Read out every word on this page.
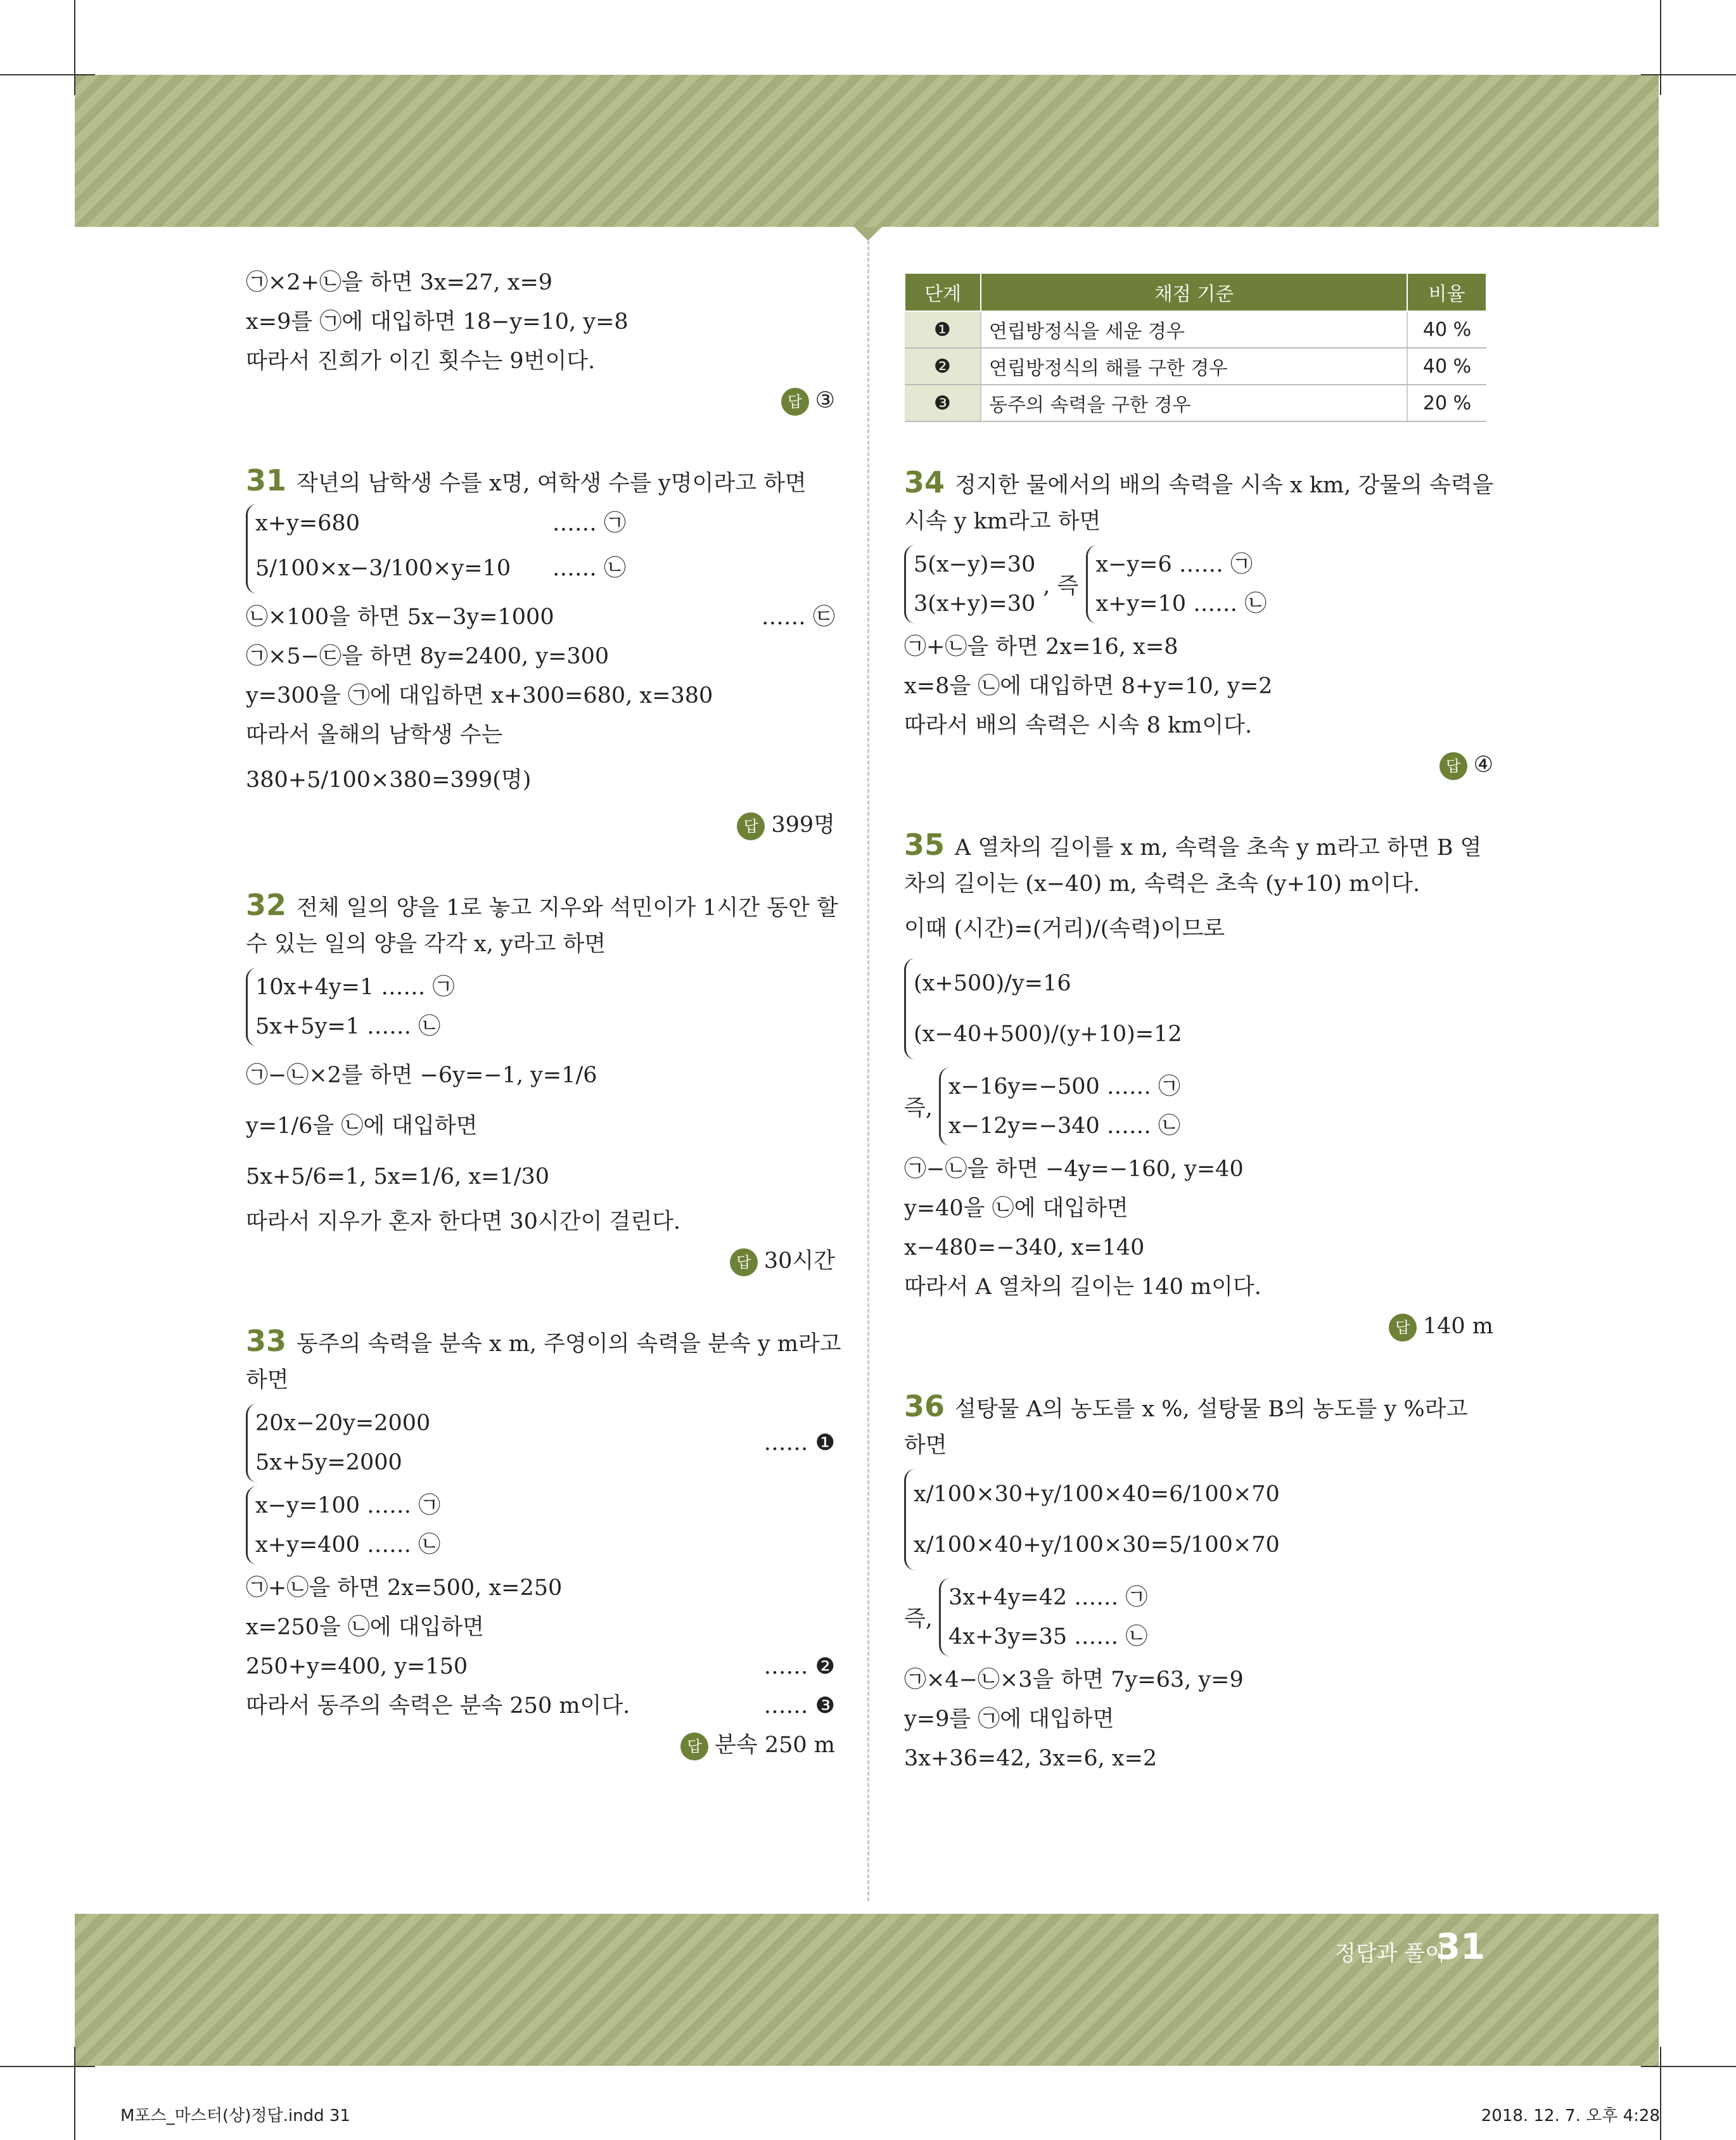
정답과 풀이
31
M포스_마스터(상)정답.indd 31	2018. 12. 7. 오후 4:28
㉠×2+㉡을 하면 3x=27, x=9
x=9를 ㉠에 대입하면 18−y=10, y=8
따라서 진희가 이긴 횟수는 9번이다.
답 ③
31 작년의 남학생 수를 x명, 여학생 수를 y명이라고 하면
x+y=680	…… ㉠
5/100×x−3/100×y=10 …… ㉡
㉡×100을 하면 5x−3y=1000	…… ㉢
㉠×5−㉢을 하면 8y=2400, y=300
y=300을 ㉠에 대입하면 x+300=680, x=380
따라서 올해의 남학생 수는
380+5/100×380=399(명)
답 399명
32 전체 일의 양을 1로 놓고 지우와 석민이가 1시간 동안 할
수 있는 일의 양을 각각 x, y라고 하면
10x+4y=1 …… ㉠
5x+5y=1 …… ㉡
㉠−㉡×2를 하면 −6y=−1, y=1/6
y=1/6을 ㉡에 대입하면
5x+5/6=1, 5x=1/6, x=1/30
따라서 지우가 혼자 한다면 30시간이 걸린다.
답 30시간
33 동주의 속력을 분속 x m, 주영이의 속력을 분속 y m라고
하면
20x−20y=2000
5x+5y=2000
…… ❶
x−y=100 …… ㉠
x+y=400 …… ㉡
㉠+㉡을 하면 2x=500, x=250
x=250을 ㉡에 대입하면
250+y=400, y=150	…… ❷
따라서 동주의 속력은 분속 250 m이다.	…… ❸
답 분속 250 m
단계	채점 기준	비율
❶	연립방정식을 세운 경우	40 %
❷	연립방정식의 해를 구한 경우	40 %
❸	동주의 속력을 구한 경우	20 %
34 정지한 물에서의 배의 속력을 시속 x km, 강물의 속력을
시속 y km라고 하면
5(x−y)=30
3(x+y)=30
, 즉
x−y=6 …… ㉠
x+y=10 …… ㉡
㉠+㉡을 하면 2x=16, x=8
x=8을 ㉡에 대입하면 8+y=10, y=2
따라서 배의 속력은 시속 8 km이다.
답 ④
35 A 열차의 길이를 x m, 속력을 초속 y m라고 하면 B 열
차의 길이는 (x−40) m, 속력은 초속 (y+10) m이다.
이때 (시간)=(거리)/(속력)이므로
(x+500)/y=16
(x−40+500)/(y+10)=12
즉,
x−16y=−500 …… ㉠
x−12y=−340 …… ㉡
㉠−㉡을 하면 −4y=−160, y=40
y=40을 ㉡에 대입하면
x−480=−340, x=140
따라서 A 열차의 길이는 140 m이다.
답 140 m
36 설탕물 A의 농도를 x %, 설탕물 B의 농도를 y %라고
하면
x/100×30+y/100×40=6/100×70
x/100×40+y/100×30=5/100×70
즉,
3x+4y=42 …… ㉠
4x+3y=35 …… ㉡
㉠×4−㉡×3을 하면 7y=63, y=9
y=9를 ㉠에 대입하면
3x+36=42, 3x=6, x=2
